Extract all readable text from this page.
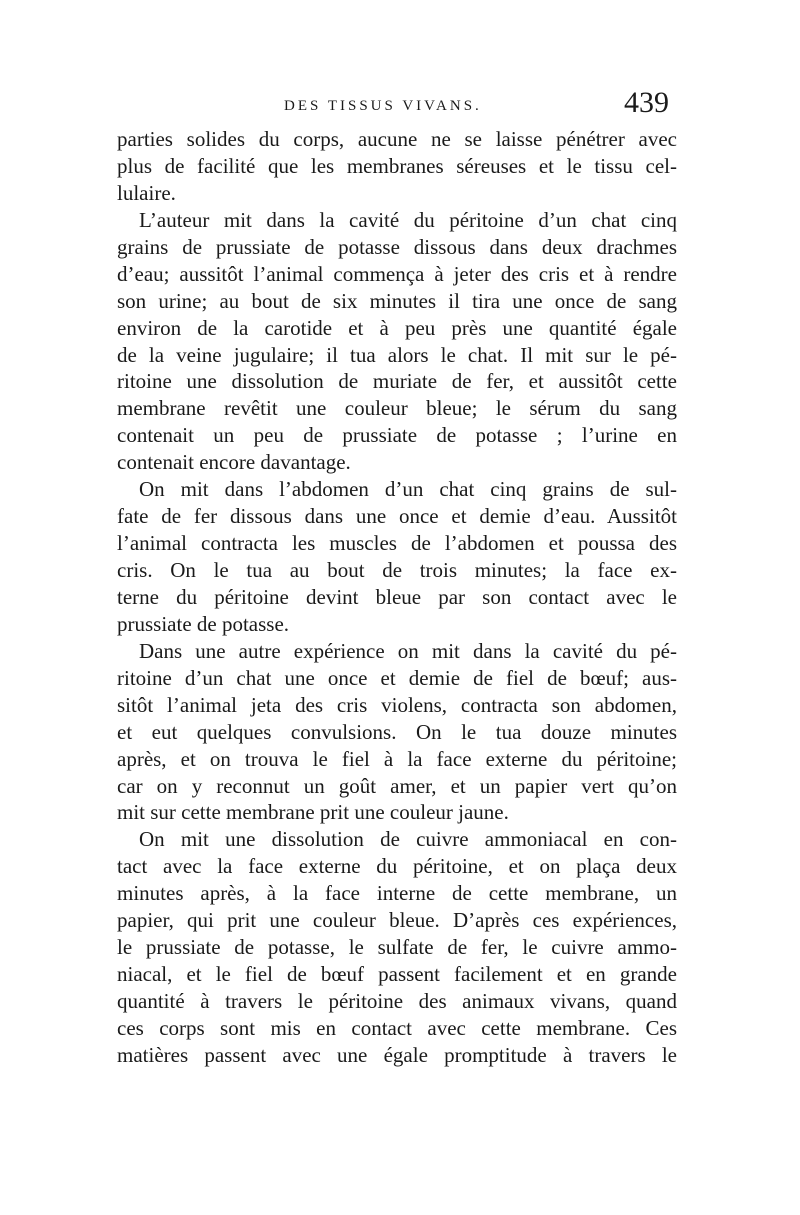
DES TISSUS VIVANS.	439
parties solides du corps, aucune ne se laisse pénétrer avec
plus de facilité que les membranes séreuses et le tissu cel-
lulaire.
L’auteur mit dans la cavité du péritoine d’un chat cinq
grains de prussiate de potasse dissous dans deux drachmes
d’eau; aussitôt l’animal commença à jeter des cris et à rendre
son urine; au bout de six minutes il tira une once de sang
environ de la carotide et à peu près une quantité égale
de la veine jugulaire; il tua alors le chat. Il mit sur le pé-
ritoine une dissolution de muriate de fer, et aussitôt cette
membrane revêtit une couleur bleue; le sérum du sang
contenait un peu de prussiate de potasse ; l’urine en
contenait encore davantage.
On mit dans l’abdomen d’un chat cinq grains de sul-
fate de fer dissous dans une once et demie d’eau. Aussitôt
l’animal contracta les muscles de l’abdomen et poussa des
cris. On le tua au bout de trois minutes; la face ex-
terne du péritoine devint bleue par son contact avec le
prussiate de potasse.
Dans une autre expérience on mit dans la cavité du pé-
ritoine d’un chat une once et demie de fiel de bœuf; aus-
sitôt l’animal jeta des cris violens, contracta son abdomen,
et eut quelques convulsions. On le tua douze minutes
après, et on trouva le fiel à la face externe du péritoine;
car on y reconnut un goût amer, et un papier vert qu’on
mit sur cette membrane prit une couleur jaune.
On mit une dissolution de cuivre ammoniacal en con-
tact avec la face externe du péritoine, et on plaça deux
minutes après, à la face interne de cette membrane, un
papier, qui prit une couleur bleue. D’après ces expériences,
le prussiate de potasse, le sulfate de fer, le cuivre ammo-
niacal, et le fiel de bœuf passent facilement et en grande
quantité à travers le péritoine des animaux vivans, quand
ces corps sont mis en contact avec cette membrane. Ces
matières passent avec une égale promptitude à travers le
